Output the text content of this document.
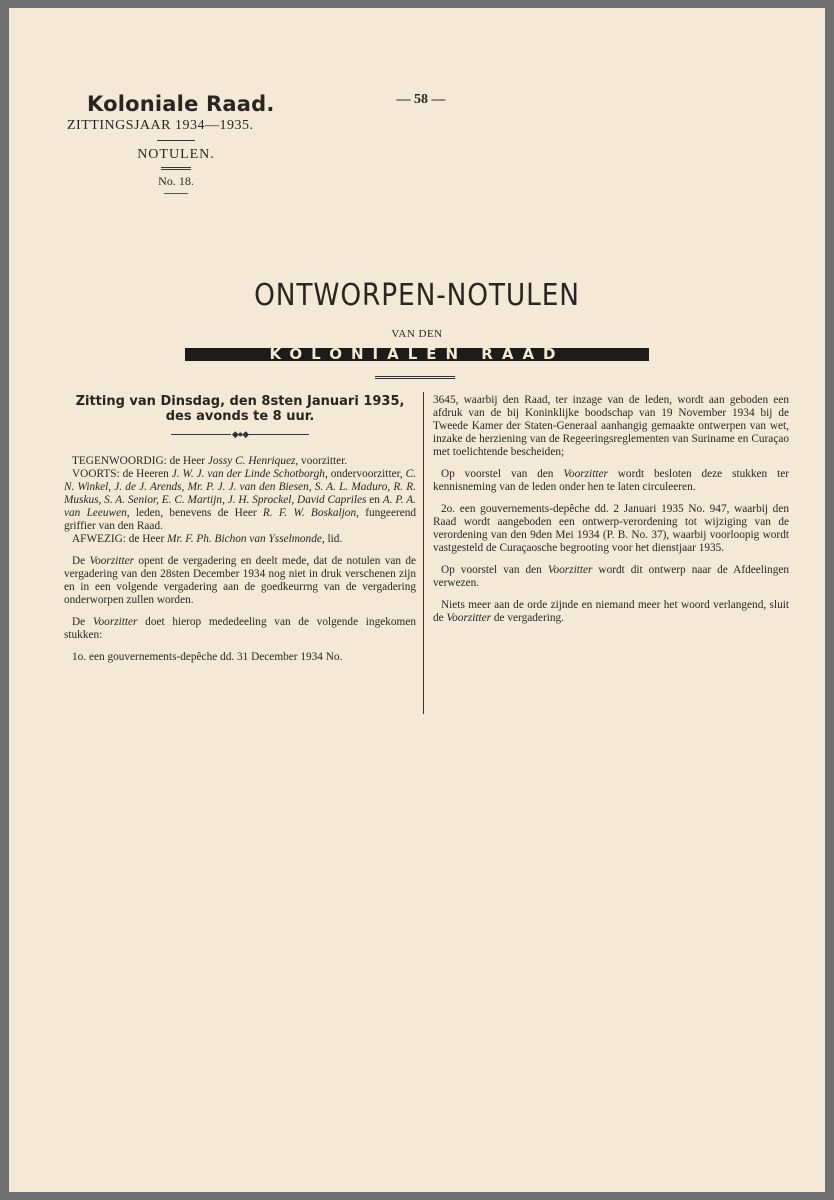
Koloniale Raad.
ZITTINGSJAAR 1934—1935.
NOTULEN.
No. 18.
— 58 —
ONTWORPEN-NOTULEN
VAN DEN
KOLONIALEN RAAD
Zitting van Dinsdag, den 8sten Januari 1935,
des avonds te 8 uur.
◆●◆

TEGENWOORDIG: de Heer Jossy C. Henriquez, voorzitter.

VOORTS: de Heeren J. W. J. van der Linde Schotborgh, ondervoorzitter, C. N. Winkel, J. de J. Arends, Mr. P. J. J. van den Biesen, S. A. L. Maduro, R. R. Muskus, S. A. Senior, E. C. Martijn, J. H. Sprockel, David Capriles en A. P. A. van Leeuwen, leden, benevens de Heer R. F. W. Boskaljon, fungeerend griffier van den Raad.

AFWEZIG: de Heer Mr. F. Ph. Bichon van Ysselmonde, lid.

De Voorzitter opent de vergadering en deelt mede, dat de notulen van de vergadering van den 28sten December 1934 nog niet in druk verschenen zijn en in een volgende vergadering aan de goedkeurrng van de vergadering onderworpen zullen worden.

De Voorzitter doet hierop mededeeling van de volgende ingekomen stukken:

1o. een gouvernements-depêche dd. 31 December 1934 No.

3645, waarbij den Raad, ter inzage van de leden, wordt aan geboden een afdruk van de bij Koninklijke boodschap van 19 November 1934 bij de Tweede Kamer der Staten-Generaal aanhangig gemaakte ontwerpen van wet, inzake de herziening van de Regeeringsreglementen van Suriname en Curaçao met toelichtende bescheiden;

Op voorstel van den Voorzitter wordt besloten deze stukken ter kennisneming van de leden onder hen te laten circuleeren.

2o. een gouvernements-depêche dd. 2 Januari 1935 No. 947, waarbij den Raad wordt aangeboden een ontwerp-verordening tot wijziging van de verordening van den 9den Mei 1934 (P. B. No. 37), waarbij voorloopig wordt vastgesteld de Curaçaosche begrooting voor het dienstjaar 1935.

Op voorstel van den Voorzitter wordt dit ontwerp naar de Afdeelingen verwezen.

Niets meer aan de orde zijnde en niemand meer het woord verlangend, sluit de Voorzitter de vergadering.
